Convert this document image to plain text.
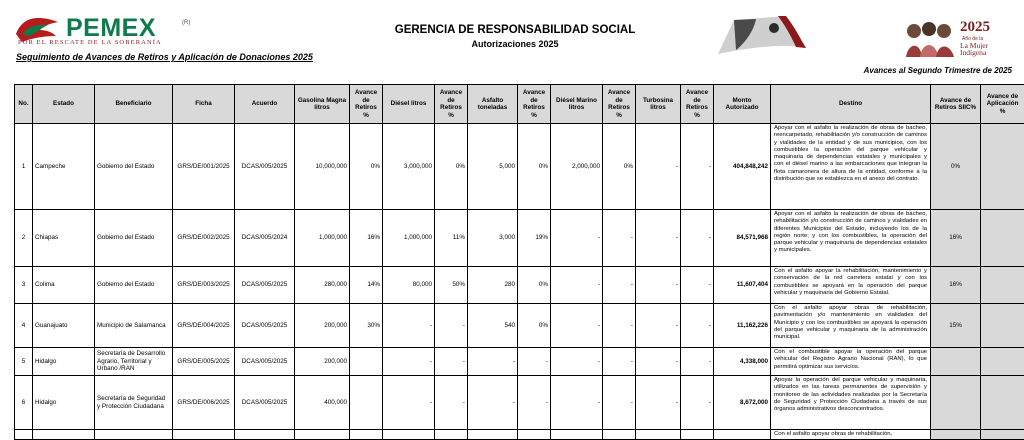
PEMEX	(R)
POR EL RESCATE DE LA SOBERANÍA
Seguimiento de Avances de Retiros y Aplicación de Donaciones 2025
GERENCIA DE RESPONSABILIDAD SOCIAL
Autorizaciones 2025
2025
Año de la
La Mujer
Indígena
Avances al Segundo Trimestre de 2025
No.	Estado	Beneficiario	Ficha	Acuerdo	Gasolina Magna litros	Avance de Retiros %	Diésel litros	Avance de Retiros %	Asfalto toneladas	Avance de Retiros %	Diésel Marino litros	Avance de Retiros %	Turbosina litros	Avance de Retiros %	Monto Autorizado	Destino	Avance de Retiros SIIC%	Avance de Aplicación %
1	Campeche	Gobierno del Estado	GRS/DE/001/2025	DCAS/005/2025	10,000,000	0%	3,000,000	0%	5,000	0%	2,000,000	0%	-	-	404,848,242	Apoyar con el asfalto la realización de obras de bacheo, reencarpetado, rehabilitación y/o construcción de caminos y vialidades de la entidad y de sus municipios, con los combustibles la operación del parque vehicular y maquinaria de dependencias estatales y municipales y con el diésel marino a las embarcaciones que integran la flota camaronera de altura de la entidad, conforme a la distribución que se establezca en el anexo del contrato.	0%	
2	Chiapas	Gobierno del Estado	GRS/DE/002/2025	DCAS/005/2024	1,000,000	16%	1,000,000	11%	3,000	19%	-	-	-	-	84,571,968	Apoyar con el asfalto la realización de obras de bacheo, rehabilitación y/o construcción de caminos y vialidades en diferentes Municipios del Estado, incluyendo los de la región norte; y con los combustibles, la operación del parque vehicular y maquinaria de dependencias estatales y municipales.	16%	
3	Colima	Gobierno del Estado	GRS/DE/003/2025	DCAS/005/2025	280,000	14%	80,000	50%	280	0%	-	-	-	-	11,607,404	Con el asfalto apoyar la rehabilitación, mantenimiento y conservación de la red carretera estatal y con los combustibles se apoyará en la operación del parque vehicular y maquinaria del Gobierno Estatal.	16%	
4	Guanajuato	Municipio de Salamanca	GRS/DE/004/2025	DCAS/005/2025	200,000	30%	-	-	540	0%	-	-	-	-	11,162,226	Con el asfalto apoyar obras de rehabilitación, pavimentación y/o mantenimiento en vialidades del Municipio y con los combustibles se apoyará la operación del parque vehicular y maquinaria de la administración municipal.	15%	
5	Hidalgo	Secretaría de Desarrollo Agrario, Territorial y Urbano /RAN	GRS/DE/005/2025	DCAS/005/2025	200,000		-	-	-	-	-	-	-	-	4,338,000	Con el combustible apoyar la operación del parque vehicular del Registro Agrario Nacional (RAN), lo que permitirá optimizar sus servicios.		
6	Hidalgo	Secretaría de Seguridad y Protección Ciudadana	GRS/DE/006/2025	DCAS/005/2025	400,000		-	-	-	-	-	-	-	-	8,672,000	Apoyar la operación del parque vehicular y maquinaria, utilizados en las tareas permanentes de supervisión y monitoreo de las actividades realizadas por la Secretaría de Seguridad y Protección Ciudadana a través de sus órganos administrativos desconcentrados.		
																Con el asfalto apoyar obras de rehabilitación,		
